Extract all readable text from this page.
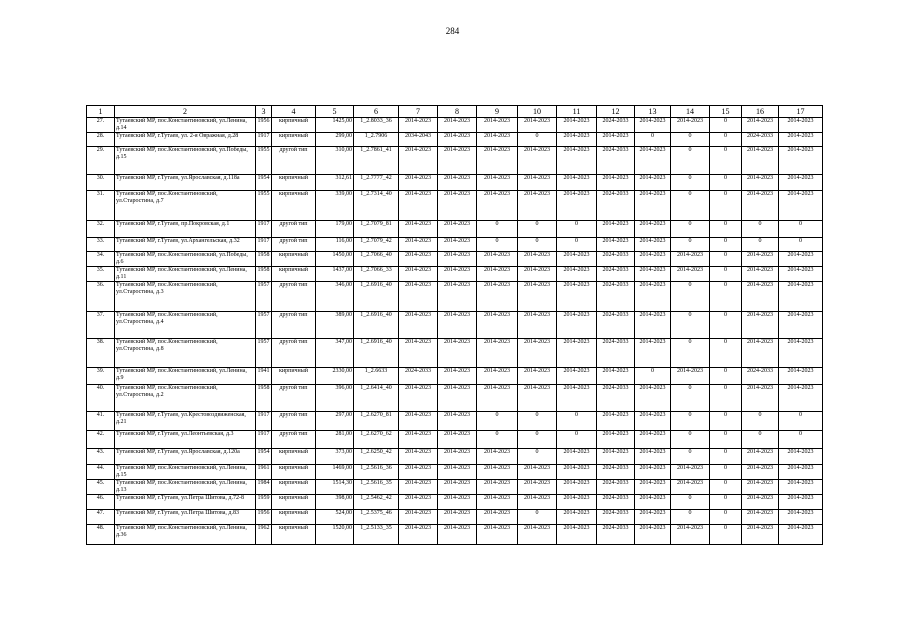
284
1	2	3	4	5	6	7	8	9	10	11	12	13	14	15	16	17
27.	Тутаевский МР, пос.Константиновский, ул.Ленина, д.14	1956	кирпичный	1425,00	1_2.8033_36	2014-2023	2014-2023	2014-2023	2014-2023	2014-2023	2024-2033	2014-2023	2014-2023	0	2014-2023	2014-2023
28.	Тутаевский МР, г.Тутаев, ул. 2-я Овражная, д.28	1917	кирпичный	299,00	1_2.7906	2034-2043	2014-2023	2014-2023	0	2014-2023	2014-2023	0	0	0	2024-2033	2014-2023
29.	Тутаевский МР, пос.Константиновский, ул.Победы, д.15	1955	другой тип	310,00	1_2.7861_41	2014-2023	2014-2023	2014-2023	2014-2023	2014-2023	2024-2033	2014-2023	0	0	2014-2023	2014-2023
30.	Тутаевский МР, г.Тутаев, ул.Ярославская, д.118а	1954	кирпичный	312,61	1_2.7777_42	2014-2023	2014-2023	2014-2023	2014-2023	2014-2023	2014-2023	2014-2023	0	0	2014-2023	2014-2023
31.	Тутаевский МР, пос.Константиновский, ул.Старостина, д.7	1955	кирпичный	339,00	1_2.7314_40	2014-2023	2014-2023	2014-2023	2014-2023	2014-2023	2024-2033	2014-2023	0	0	2014-2023	2014-2023
32.	Тутаевский МР, г.Тутаев, пр.Покровская, д.1	1917	другой тип	179,00	1_2.7079_81	2014-2023	2014-2023	0	0	0	2014-2023	2014-2023	0	0	0	0
33.	Тутаевский МР, г.Тутаев, ул.Архангельская, д.32	1917	другой тип	116,00	1_2.7079_42	2014-2023	2014-2023	0	0	0	2014-2023	2014-2023	0	0	0	0
34.	Тутаевский МР, пос.Константиновский, ул.Победы, д.6	1958	кирпичный	1450,00	1_2.7066_40	2014-2023	2014-2023	2014-2023	2014-2023	2014-2023	2024-2033	2014-2023	2014-2023	0	2014-2023	2014-2023
35.	Тутаевский МР, пос.Константиновский, ул.Ленина, д.11	1958	кирпичный	1437,00	1_2.7066_33	2014-2023	2014-2023	2014-2023	2014-2023	2014-2023	2024-2033	2014-2023	2014-2023	0	2014-2023	2014-2023
36.	Тутаевский МР, пос.Константиновский, ул.Старостина, д.3	1957	другой тип	346,00	1_2.6916_40	2014-2023	2014-2023	2014-2023	2014-2023	2014-2023	2024-2033	2014-2023	0	0	2014-2023	2014-2023
37.	Тутаевский МР, пос.Константиновский, ул.Старостина, д.4	1957	другой тип	389,00	1_2.6916_40	2014-2023	2014-2023	2014-2023	2014-2023	2014-2023	2024-2033	2014-2023	0	0	2014-2023	2014-2023
38.	Тутаевский МР, пос.Константиновский, ул.Старостина, д.8	1957	другой тип	347,00	1_2.6916_40	2014-2023	2014-2023	2014-2023	2014-2023	2014-2023	2024-2033	2014-2023	0	0	2014-2023	2014-2023
39.	Тутаевский МР, пос.Константиновский, ул.Ленина, д.9	1941	кирпичный	2330,00	1_2.6633	2024-2033	2014-2023	2014-2023	2014-2023	2014-2023	2014-2023	0	2014-2023	0	2024-2033	2014-2023
40.	Тутаевский МР, пос.Константиновский, ул.Старостина, д.2	1958	другой тип	396,00	1_2.6414_40	2014-2023	2014-2023	2014-2023	2014-2023	2014-2023	2024-2033	2014-2023	0	0	2014-2023	2014-2023
41.	Тутаевский МР, г.Тутаев, ул.Крестовоздвиженская, д.21	1917	другой тип	297,00	1_2.6270_81	2014-2023	2014-2023	0	0	0	2014-2023	2014-2023	0	0	0	0
42.	Тутаевский МР, г.Тутаев, ул.Леонтьевская, д.3	1917	другой тип	281,00	1_2.6270_62	2014-2023	2014-2023	0	0	0	2014-2023	2014-2023	0	0	0	0
43.	Тутаевский МР, г.Тутаев, ул.Ярославская, д.120а	1954	кирпичный	373,00	1_2.6250_42	2014-2023	2014-2023	2014-2023	0	2014-2023	2014-2023	2014-2023	0	0	2014-2023	2014-2023
44.	Тутаевский МР, пос.Константиновский, ул.Ленина, д.15	1961	кирпичный	1469,00	1_2.5616_36	2014-2023	2014-2023	2014-2023	2014-2023	2014-2023	2024-2033	2014-2023	2014-2023	0	2014-2023	2014-2023
45.	Тутаевский МР, пос.Константиновский, ул.Ленина, д.13	1984	кирпичный	1514,30	1_2.5616_35	2014-2023	2014-2023	2014-2023	2014-2023	2014-2023	2024-2033	2014-2023	2014-2023	0	2014-2023	2014-2023
46.	Тутаевский МР, г.Тутаев, ул.Петра Шитова, д.72-8	1959	кирпичный	398,00	1_2.5462_42	2014-2023	2014-2023	2014-2023	2014-2023	2014-2023	2024-2033	2014-2023	0	0	2014-2023	2014-2023
47.	Тутаевский МР, г.Тутаев, ул.Петра Шитова, д.83	1956	кирпичный	524,00	1_2.5375_46	2014-2023	2014-2023	2014-2023	0	2014-2023	2024-2033	2014-2023	0	0	2014-2023	2014-2023
48.	Тутаевский МР, пос.Константиновский, ул.Ленина, д.36	1962	кирпичный	1520,00	1_2.5133_35	2014-2023	2014-2023	2014-2023	2014-2023	2014-2023	2024-2033	2014-2023	2014-2023	0	2014-2023	2014-2023
